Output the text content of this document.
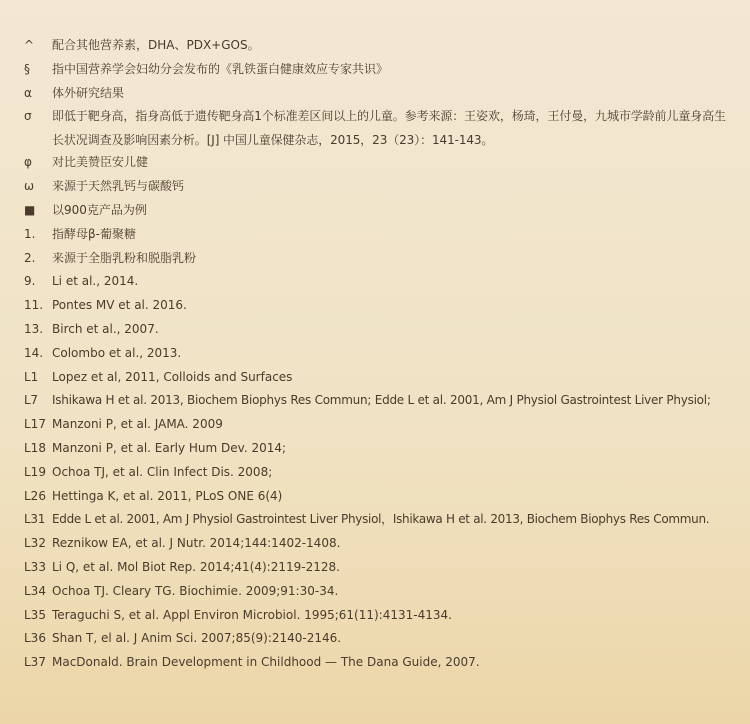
^ 配合其他营养素，DHA、PDX+GOS。
§ 指中国营养学会妇幼分会发布的《乳铁蛋白健康效应专家共识》
α 体外研究结果
σ 即低于靶身高，指身高低于遗传靶身高1个标准差区间以上的儿童。参考来源：王姿欢，杨琦，王付曼，九城市学龄前儿童身高生长状况调查及影响因素分析。[J] 中国儿童保健杂志，2015，23（23）：141-143。
φ 对比美赞臣安儿健
ω 来源于天然乳钙与碳酸钙
■ 以900克产品为例
1. 指酵母β-葡聚糖
2. 来源于全脂乳粉和脱脂乳粉
9. Li et al., 2014.
11. Pontes MV et al. 2016.
13. Birch et al., 2007.
14. Colombo et al., 2013.
L1 Lopez et al, 2011, Colloids and Surfaces
L7 Ishikawa H et al. 2013, Biochem Biophys Res Commun; Edde L et al. 2001, Am J Physiol Gastrointest Liver Physiol;
L17 Manzoni P, et al. JAMA. 2009
L18 Manzoni P, et al. Early Hum Dev. 2014;
L19 Ochoa TJ, et al. Clin Infect Dis. 2008;
L26 Hettinga K, et al. 2011, PLoS ONE 6(4)
L31 Edde L et al. 2001, Am J Physiol Gastrointest Liver Physiol，Ishikawa H et al. 2013, Biochem Biophys Res Commun.
L32 Reznikow EA, et al. J Nutr. 2014;144:1402-1408.
L33 Li Q, et al. Mol Biot Rep. 2014;41(4):2119-2128.
L34 Ochoa TJ. Cleary TG. Biochimie. 2009;91:30-34.
L35 Teraguchi S, et al. Appl Environ Microbiol. 1995;61(11):4131-4134.
L36 Shan T, el al. J Anim Sci. 2007;85(9):2140-2146.
L37 MacDonald. Brain Development in Childhood — The Dana Guide, 2007.
